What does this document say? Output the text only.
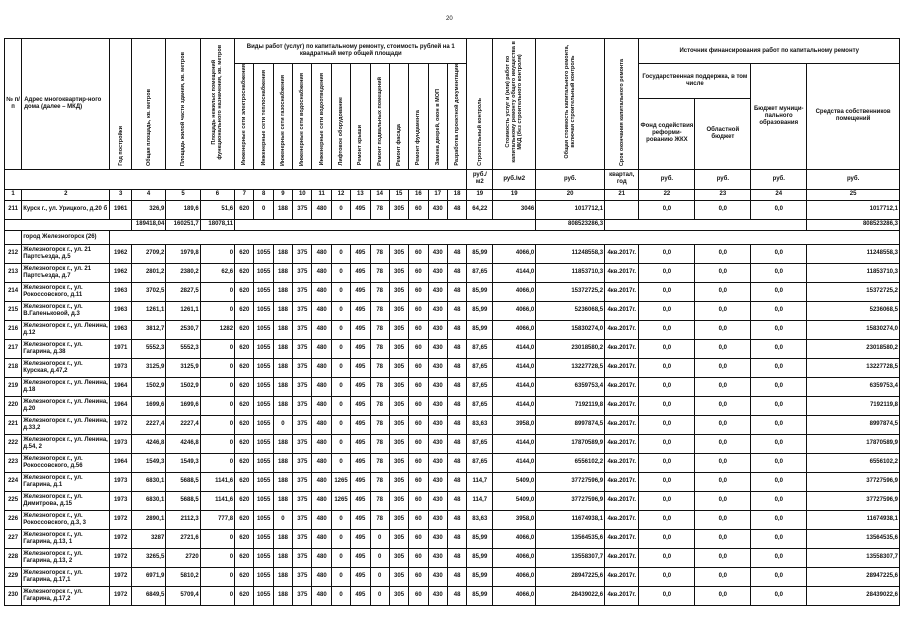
20
№ п/п	Адрес многоквартир-ного дома (далее – МКД)	Год постройки	Общая площадь, кв. метров	Площадь жилой части здания, кв. метров	Площадь нежилых помещений функционального назначения, кв. метров	Виды работ (услуг) по капитальному ремонту, стоимость рублей на 1 квадратный метр общей площади												Строительный контроль	Стоимость услуг и (или) работ по капитальному ремонту общего имущества в МКД (без строительного контроля)	Общая стоимость капитального ремонта, включая строительный контроль	Срок окончания капитального ремонта	Источник финансирования работ по капитальному ремонту			
						Инженерные сети электроснабжения	Инженерные сети теплоснабжения	Инженерные сети газоснабжения	Инженерные сети водоснабжения	Инженерные сети водоотведения	Лифтовое оборудование	Ремонт крыши	Ремонт подвальных помещений	Ремонт фасада	Ремонт фундамента	Замена дверей, окон в МОП	Разработка проектной документации					Государственная поддержка, в том числе		Бюджет муници-пального образования	Средства собственников помещений
																						Фонд содействия реформи-рованию ЖКХ	Областной бюджет		
																		руб./ м2	руб./м2	руб.	квартал, год	руб.	руб.	руб.	руб.
1	2	3	4	5	6	7	8	9	10	11	12	13	14	15	16	17	18	19	19	20	21	22	23	24	25
211	Курск г., ул. Урицкого, д.20 б	1961	326,9	189,6	51,6	620	0	188	375	480	0	495	78	305	60	430	48	64,22	3046	1017712,1		0,0	0,0	0,0	1017712,1
			189418,04	160251,7	18078,11															808523286,3					808523286,3
	город Железногорск (26)																								
212	Железногорск г., ул. 21 Партсъезда, д.5	1962	2709,2	1979,8	0	620	1055	188	375	480	0	495	78	305	60	430	48	85,99	4066,0	11248558,3	4кв.2017г.	0,0	0,0	0,0	11248558,3
213	Железногорск г., ул. 21 Партсъезда, д.7	1962	2801,2	2380,2	62,6	620	1055	188	375	480	0	495	78	305	60	430	48	87,65	4144,0	11853710,3	4кв.2017г.	0,0	0,0	0,0	11853710,3
214	Железногорск г., ул. Рокоссовского, д.11	1963	3702,5	2827,5	0	620	1055	188	375	480	0	495	78	305	60	430	48	85,99	4066,0	15372725,2	4кв.2017г.	0,0	0,0	0,0	15372725,2
215	Железногорск г., ул. В.Гапеньковой, д.3	1963	1261,1	1261,1	0	620	1055	188	375	480	0	495	78	305	60	430	48	85,99	4066,0	5236068,5	4кв.2017г.	0,0	0,0	0,0	5236068,5
216	Железногорск г., ул. Ленина, д.12	1963	3812,7	2530,7	1282	620	1055	188	375	480	0	495	78	305	60	430	48	85,99	4066,0	15830274,0	4кв.2017г.	0,0	0,0	0,0	15830274,0
217	Железногорск г., ул. Гагарина, д.38	1971	5552,3	5552,3	0	620	1055	188	375	480	0	495	78	305	60	430	48	87,65	4144,0	23018580,2	4кв.2017г.	0,0	0,0	0,0	23018580,2
218	Железногорск г., ул. Курская, д.47,2	1973	3125,9	3125,9	0	620	1055	188	375	480	0	495	78	305	60	430	48	87,65	4144,0	13227728,5	4кв.2017г.	0,0	0,0	0,0	13227728,5
219	Железногорск г., ул. Ленина, д.18	1964	1502,9	1502,9	0	620	1055	188	375	480	0	495	78	305	60	430	48	87,65	4144,0	6359753,4	4кв.2017г.	0,0	0,0	0,0	6359753,4
220	Железногорск г., ул. Ленина, д.20	1964	1699,6	1699,6	0	620	1055	188	375	480	0	495	78	305	60	430	48	87,65	4144,0	7192119,8	4кв.2017г.	0,0	0,0	0,0	7192119,8
221	Железногорск г., ул. Ленина, д.33,2	1972	2227,4	2227,4	0	620	1055	0	375	480	0	495	78	305	60	430	48	83,63	3958,0	8997874,5	4кв.2017г.	0,0	0,0	0,0	8997874,5
222	Железногорск г., ул. Ленина, д.54, 2	1973	4246,8	4246,8	0	620	1055	188	375	480	0	495	78	305	60	430	48	87,65	4144,0	17870589,9	4кв.2017г.	0,0	0,0	0,0	17870589,9
223	Железногорск г., ул. Рокоссовского, д.56	1964	1549,3	1549,3	0	620	1055	188	375	480	0	495	78	305	60	430	48	87,65	4144,0	6556102,2	4кв.2017г.	0,0	0,0	0,0	6556102,2
224	Железногорск г., ул. Гагарина, д.1	1973	6830,1	5688,5	1141,6	620	1055	188	375	480	1265	495	78	305	60	430	48	114,7	5409,0	37727596,9	4кв.2017г.	0,0	0,0	0,0	37727596,9
225	Железногорск г., ул. Димитрова, д.15	1973	6830,1	5688,5	1141,6	620	1055	188	375	480	1265	495	78	305	60	430	48	114,7	5409,0	37727596,9	4кв.2017г.	0,0	0,0	0,0	37727596,9
226	Железногорск г., ул. Рокоссовского, д.3, 3	1972	2890,1	2112,3	777,8	620	1055	0	375	480	0	495	78	305	60	430	48	83,63	3958,0	11674938,1	4кв.2017г.	0,0	0,0	0,0	11674938,1
227	Железногорск г., ул. Гагарина, д.13, 1	1972	3287	2721,6	0	620	1055	188	375	480	0	495	0	305	60	430	48	85,99	4066,0	13564535,6	4кв.2017г.	0,0	0,0	0,0	13564535,6
228	Железногорск г., ул. Гагарина, д.13, 2	1972	3265,5	2720	0	620	1055	188	375	480	0	495	0	305	60	430	48	85,99	4066,0	13558307,7	4кв.2017г.	0,0	0,0	0,0	13558307,7
229	Железногорск г., ул. Гагарина, д.17,1	1972	6971,9	5810,2	0	620	1055	188	375	480	0	495	0	305	60	430	48	85,99	4066,0	28947225,6	4кв.2017г.	0,0	0,0	0,0	28947225,6
230	Железногорск г., ул. Гагарина, д.17,2	1972	6849,5	5709,4	0	620	1055	188	375	480	0	495	0	305	60	430	48	85,99	4066,0	28439022,6	4кв.2017г.	0,0	0,0	0,0	28439022,6
